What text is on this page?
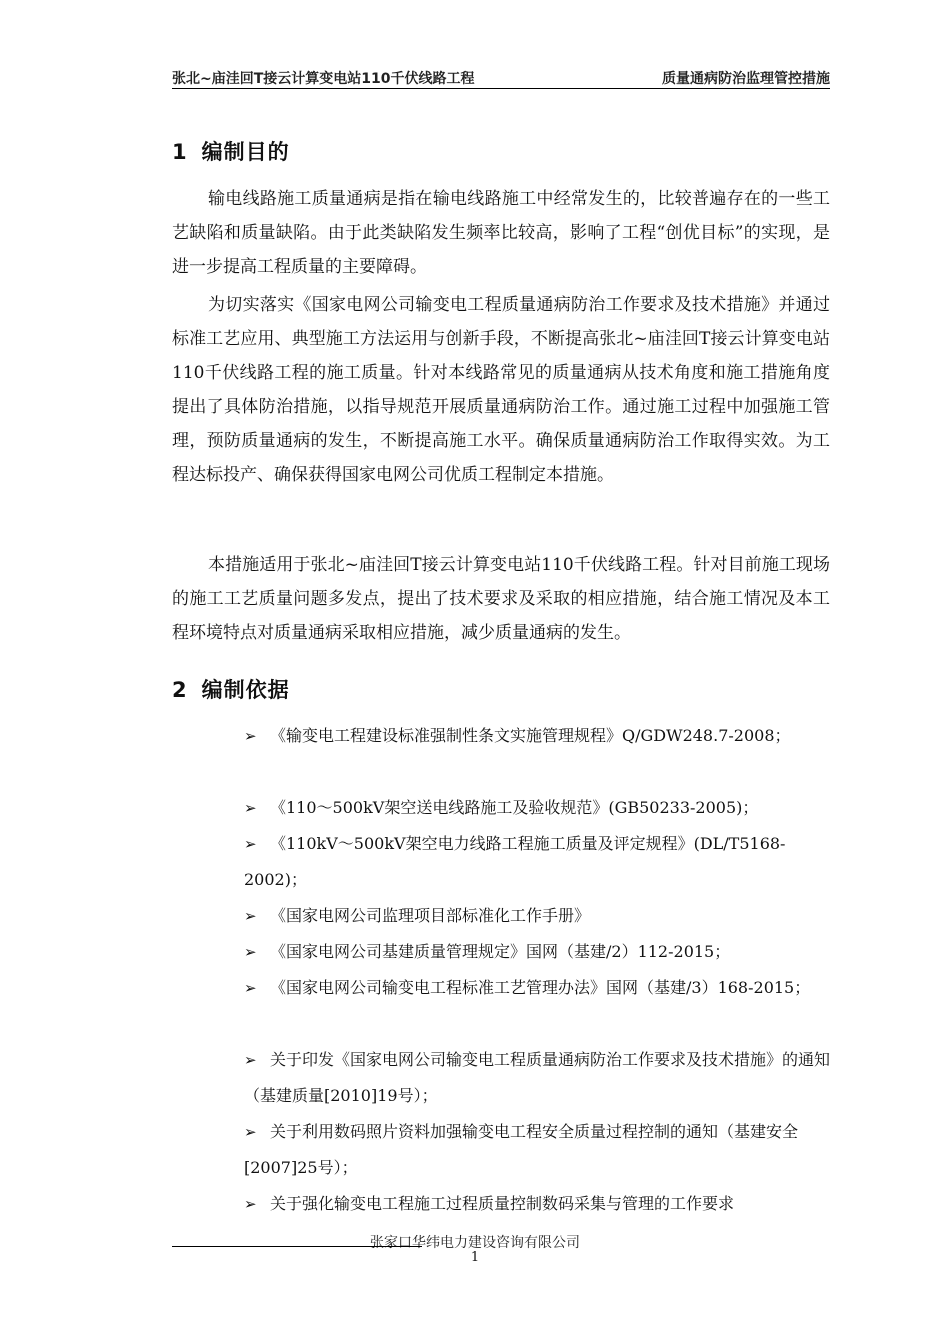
张北~庙洼回T接云计算变电站110千伏线路工程	质量通病防治监理管控措施
1 编制目的

输电线路施工质量通病是指在输电线路施工中经常发生的，比较普遍存在的一些工艺缺陷和质量缺陷。由于此类缺陷发生频率比较高，影响了工程“创优目标”的实现，是进一步提高工程质量的主要障碍。

为切实落实《国家电网公司输变电工程质量通病防治工作要求及技术措施》并通过标准工艺应用、典型施工方法运用与创新手段，不断提高张北~庙洼回T接云计算变电站110千伏线路工程的施工质量。针对本线路常见的质量通病从技术角度和施工措施角度提出了具体防治措施，以指导规范开展质量通病防治工作。通过施工过程中加强施工管理，预防质量通病的发生，不断提高施工水平。确保质量通病防治工作取得实效。为工程达标投产、确保获得国家电网公司优质工程制定本措施。

本措施适用于张北~庙洼回T接云计算变电站110千伏线路工程。针对目前施工现场的施工工艺质量问题多发点，提出了技术要求及采取的相应措施，结合施工情况及本工程环境特点对质量通病采取相应措施，减少质量通病的发生。

2 编制依据

➢ 《输变电工程建设标准强制性条文实施管理规程》Q/GDW248.7-2008；

➢ 《110～500kV架空送电线路施工及验收规范》(GB50233-2005)；

➢ 《110kV～500kV架空电力线路工程施工质量及评定规程》(DL/T5168-2002)；

➢ 《国家电网公司监理项目部标准化工作手册》

➢ 《国家电网公司基建质量管理规定》国网（基建/2）112-2015；

➢ 《国家电网公司输变电工程标准工艺管理办法》国网（基建/3）168-2015；

➢ 关于印发《国家电网公司输变电工程质量通病防治工作要求及技术措施》的通知（基建质量[2010]19号）；

➢ 关于利用数码照片资料加强输变电工程安全质量过程控制的通知（基建安全[2007]25号）；

➢ 关于强化输变电工程施工过程质量控制数码采集与管理的工作要求

张家口华纬电力建设咨询有限公司
1
